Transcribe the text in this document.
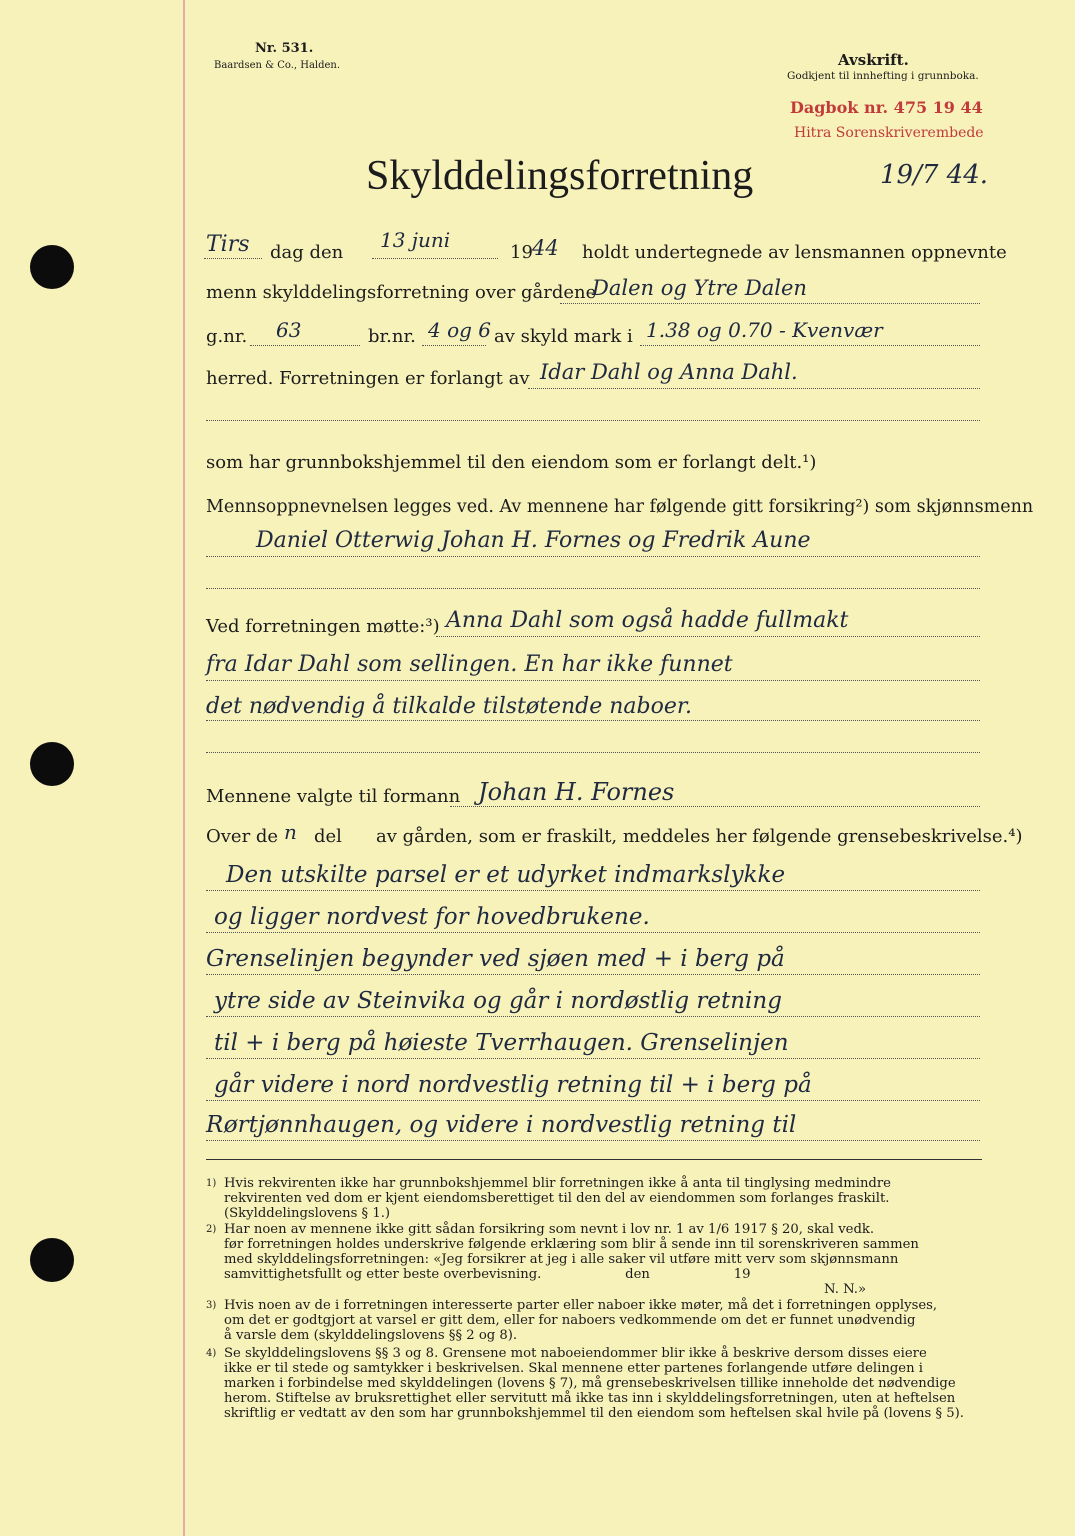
Nr. 531.
Baardsen & Co., Halden.	Avskrift.
Godkjent til innhefting i grunnboka.
Dagbok nr. 475 19 44
Hitra Sorenskriverembede
19/7 44.
Skylddelingsforretning
Tirs dag den
13 juni
19 44 holdt undertegnede av lensmannen oppnevnte
menn skylddelingsforretning over gårdene
Dalen og Ytre Dalen
g.nr. 63	br.nr. 4 og 6 av skyld mark i 1.38 og 0.70 - Kvenvær
herred. Forretningen er forlangt av Idar Dahl og Anna Dahl.
som har grunnbokshjemmel til den eiendom som er forlangt delt.¹)
Mennsoppnevnelsen legges ved. Av mennene har følgende gitt forsikring²) som skjønnsmenn
Daniel Otterwig Johan H. Fornes og Fredrik Aune
Ved forretningen møtte:³) Anna Dahl som også hadde fullmakt
fra Idar Dahl som sellingen. En har ikke funnet
det nødvendig å tilkalde tilstøtende naboer.
Mennene valgte til formann Johan H. Fornes
Over de n del av gården, som er fraskilt, meddeles her følgende grensebeskrivelse.⁴)
Den utskilte parsel er et udyrket indmarkslykke
og ligger nordvest for hovedbrukene.
Grenselinjen begynder ved sjøen med + i berg på
ytre side av Steinvika og går i nordøstlig retning
til + i berg på høieste Tverrhaugen. Grenselinjen
går videre i nord nordvestlig retning til + i berg på
Rørtjønnhaugen, og videre i nordvestlig retning til
1) Hvis rekvirenten ikke har grunnbokshjemmel blir forretningen ikke å anta til tinglysing medmindre
rekvirenten ved dom er kjent eiendomsberettiget til den del av eiendommen som forlanges fraskilt.
(Skylddelingslovens § 1.)
2) Har noen av mennene ikke gitt sådan forsikring som nevnt i lov nr. 1 av 1/6 1917 § 20, skal vedk.
før forretningen holdes underskrive følgende erklæring som blir å sende inn til sorenskriveren sammen
med skylddelingsforretningen: «Jeg forsikrer at jeg i alle saker vil utføre mitt verv som skjønnsmann
samvittighetsfullt og etter beste overbevisning.                    den                    19
N. N.»
3) Hvis noen av de i forretningen interesserte parter eller naboer ikke møter, må det i forretningen opplyses,
om det er godtgjort at varsel er gitt dem, eller for naboers vedkommende om det er funnet unødvendig
å varsle dem (skylddelingslovens §§ 2 og 8).
4) Se skylddelingslovens §§ 3 og 8. Grensene mot naboeiendommer blir ikke å beskrive dersom disses eiere
ikke er til stede og samtykker i beskrivelsen. Skal mennene etter partenes forlangende utføre delingen i
marken i forbindelse med skylddelingen (lovens § 7), må grensebeskrivelsen tillike inneholde det nødvendige
herom. Stiftelse av bruksrettighet eller servitutt må ikke tas inn i skylddelingsforretningen, uten at heftelsen
skriftlig er vedtatt av den som har grunnbokshjemmel til den eiendom som heftelsen skal hvile på (lovens § 5).
